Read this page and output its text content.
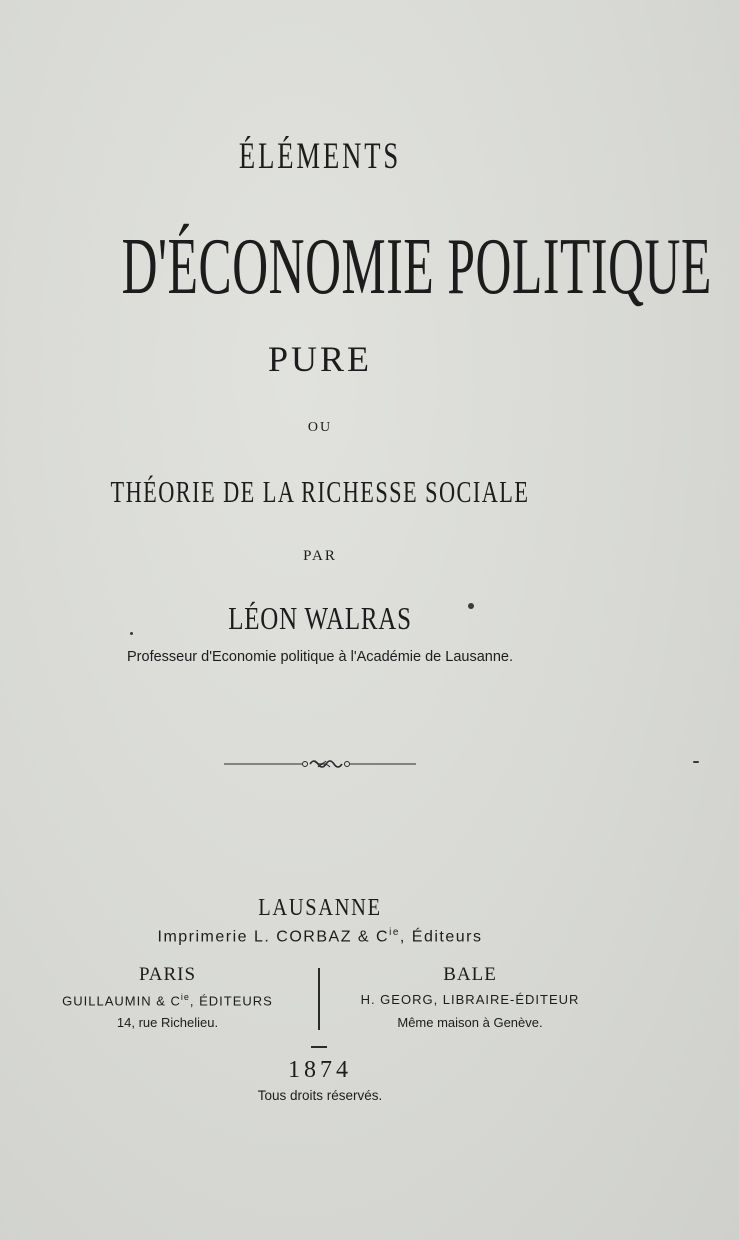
ÉLÉMENTS
D'ÉCONOMIE POLITIQUE
PURE
OU
THÉORIE DE LA RICHESSE SOCIALE
PAR
LÉON WALRAS
Professeur d'Economie politique à l'Académie de Lausanne.
LAUSANNE
Imprimerie L. CORBAZ & $C^{ie}$, Éditeurs
PARIS
GUILLAUMIN & $C^{ie}$, ÉDITEURS
14, rue Richelieu.
BALE
H. GEORG, LIBRAIRE-ÉDITEUR
Même maison à Genève.
1874
Tous droits réservés.
